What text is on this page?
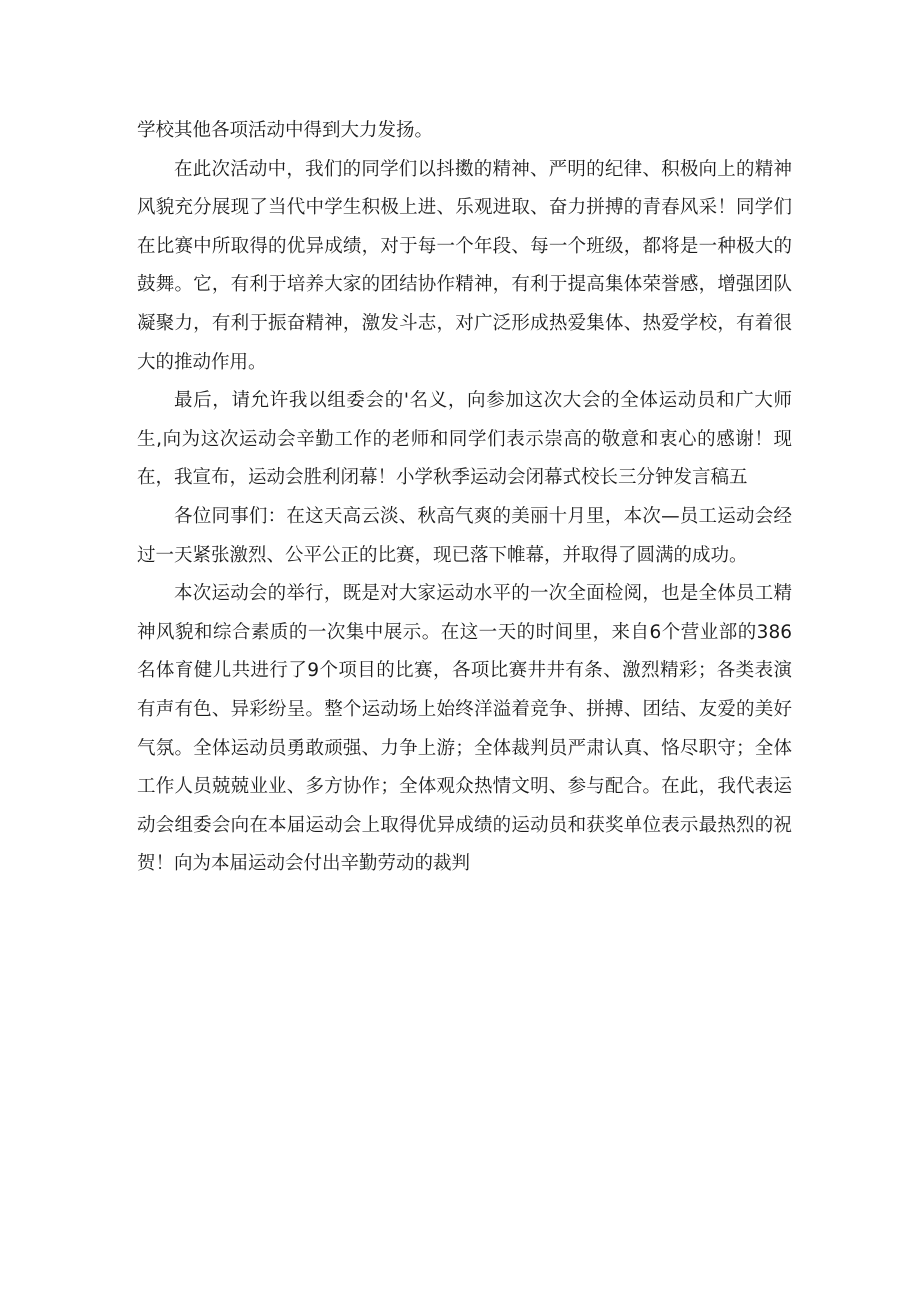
学校其他各项活动中得到大力发扬。

在此次活动中，我们的同学们以抖擞的精神、严明的纪律、积极向上的精神风貌充分展现了当代中学生积极上进、乐观进取、奋力拼搏的青春风采！同学们在比赛中所取得的优异成绩，对于每一个年段、每一个班级，都将是一种极大的鼓舞。它，有利于培养大家的团结协作精神，有利于提高集体荣誉感，增强团队凝聚力，有利于振奋精神，激发斗志，对广泛形成热爱集体、热爱学校，有着很大的推动作用。

最后，请允许我以组委会的'名义，向参加这次大会的全体运动员和广大师生,向为这次运动会辛勤工作的老师和同学们表示崇高的敬意和衷心的感谢！现在，我宣布，运动会胜利闭幕！小学秋季运动会闭幕式校长三分钟发言稿五

各位同事们：在这天高云淡、秋高气爽的美丽十月里，本次—员工运动会经过一天紧张激烈、公平公正的比赛，现已落下帷幕，并取得了圆满的成功。

本次运动会的举行，既是对大家运动水平的一次全面检阅，也是全体员工精神风貌和综合素质的一次集中展示。在这一天的时间里，来自6个营业部的386名体育健儿共进行了9个项目的比赛，各项比赛井井有条、激烈精彩；各类表演有声有色、异彩纷呈。整个运动场上始终洋溢着竞争、拼搏、团结、友爱的美好气氛。全体运动员勇敢顽强、力争上游；全体裁判员严肃认真、恪尽职守；全体工作人员兢兢业业、多方协作；全体观众热情文明、参与配合。在此，我代表运动会组委会向在本届运动会上取得优异成绩的运动员和获奖单位表示最热烈的祝贺！向为本届运动会付出辛勤劳动的裁判
